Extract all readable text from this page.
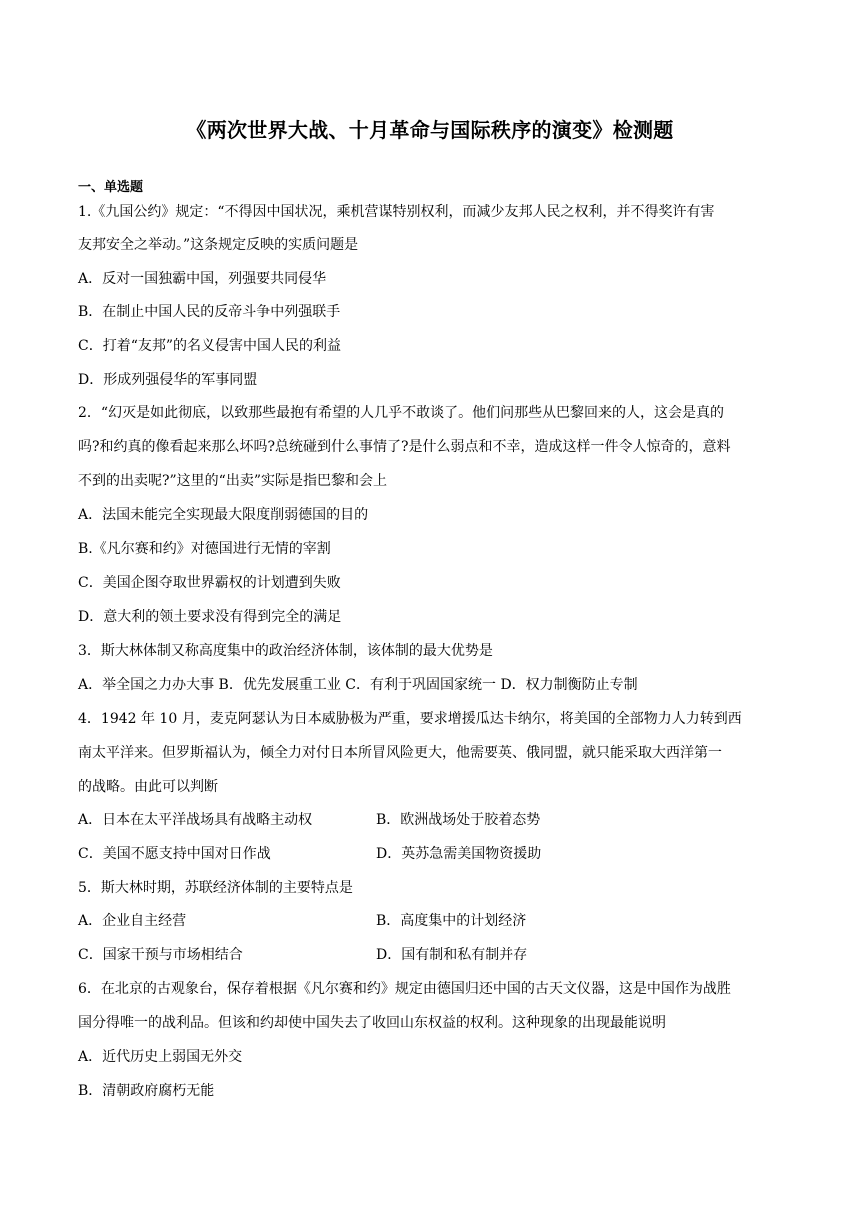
《两次世界大战、十月革命与国际秩序的演变》检测题
一、单选题
1.《九国公约》规定：“不得因中国状况，乘机营谋特别权利，而减少友邦人民之权利，并不得奖许有害
友邦安全之举动。”这条规定反映的实质问题是
A．反对一国独霸中国，列强要共同侵华
B．在制止中国人民的反帝斗争中列强联手
C．打着“友邦”的名义侵害中国人民的利益
D．形成列强侵华的军事同盟
2．“幻灭是如此彻底，以致那些最抱有希望的人几乎不敢谈了。他们问那些从巴黎回来的人，这会是真的
吗?和约真的像看起来那么坏吗?总统碰到什么事情了?是什么弱点和不幸，造成这样一件令人惊奇的，意料
不到的出卖呢?”这里的“出卖”实际是指巴黎和会上
A．法国未能完全实现最大限度削弱德国的目的
B.《凡尔赛和约》对德国进行无情的宰割
C．美国企图夺取世界霸权的计划遭到失败
D．意大利的领土要求没有得到完全的满足
3．斯大林体制又称高度集中的政治经济体制，该体制的最大优势是
A．举全国之力办大事 B．优先发展重工业 C．有利于巩固国家统一 D．权力制衡防止专制
4．1942 年 10 月，麦克阿瑟认为日本威胁极为严重，要求增援瓜达卡纳尔，将美国的全部物力人力转到西
南太平洋来。但罗斯福认为，倾全力对付日本所冒风险更大，他需要英、俄同盟，就只能采取大西洋第一
的战略。由此可以判断
A．日本在太平洋战场具有战略主动权	B．欧洲战场处于胶着态势
C．美国不愿支持中国对日作战	D．英苏急需美国物资援助
5．斯大林时期，苏联经济体制的主要特点是
A．企业自主经营	B．高度集中的计划经济
C．国家干预与市场相结合	D．国有制和私有制并存
6．在北京的古观象台，保存着根据《凡尔赛和约》规定由德国归还中国的古天文仪器，这是中国作为战胜
国分得唯一的战利品。但该和约却使中国失去了收回山东权益的权利。这种现象的出现最能说明
A．近代历史上弱国无外交
B．清朝政府腐朽无能
